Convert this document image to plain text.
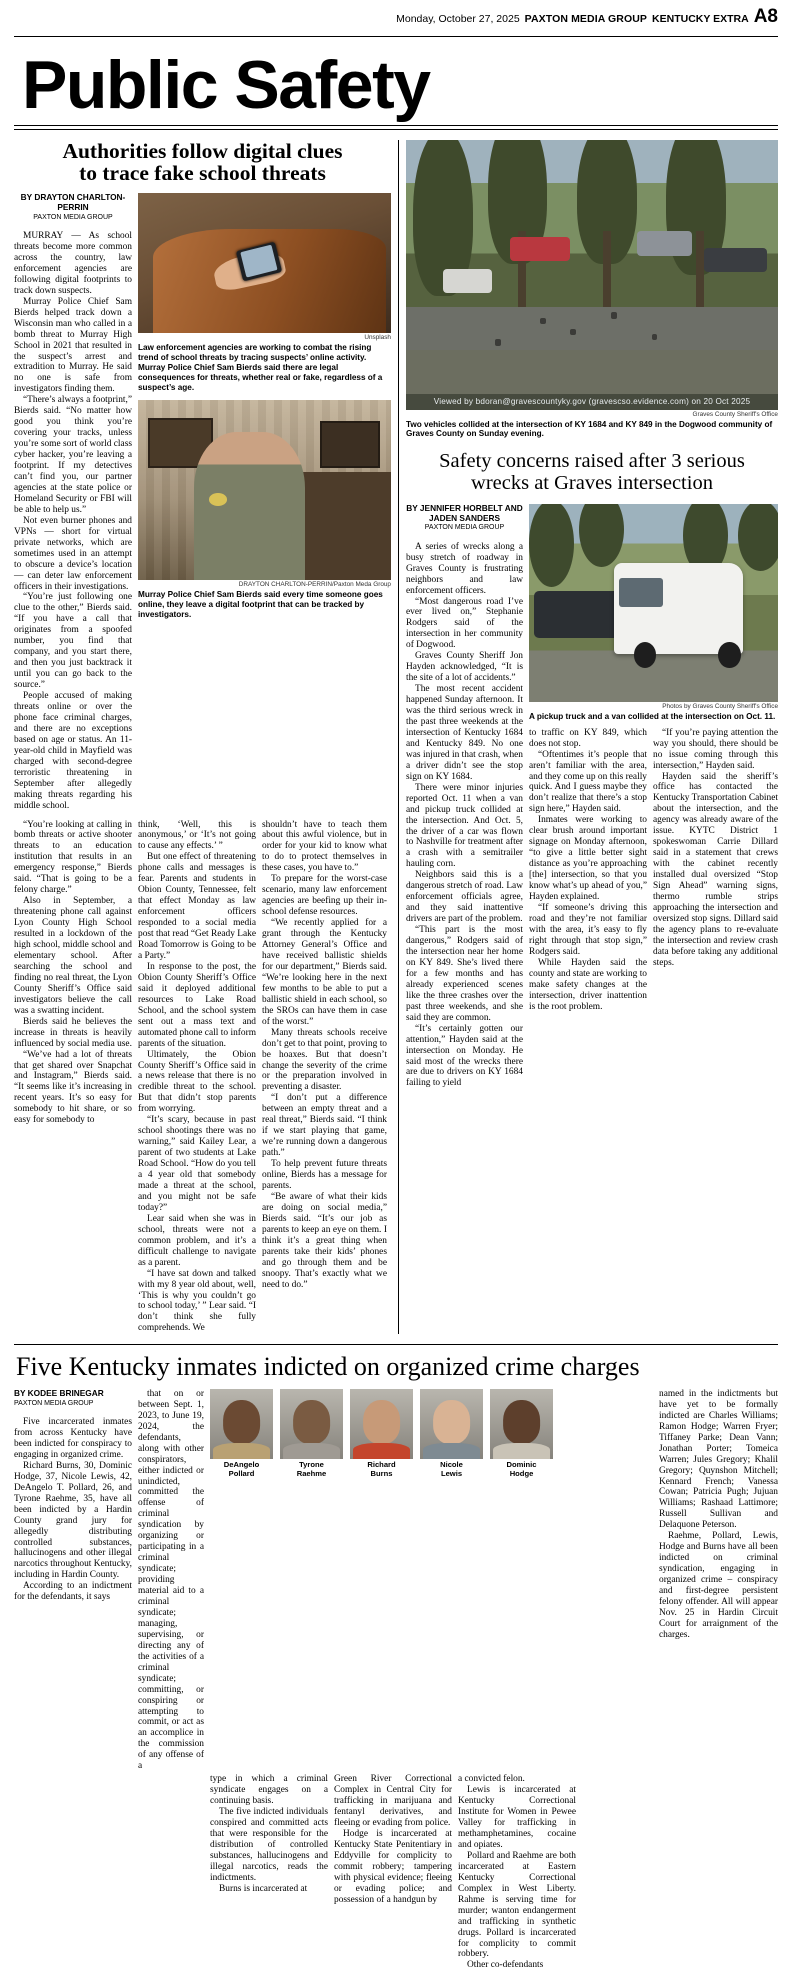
Monday, October 27, 2025 PAXTON MEDIA GROUP KENTUCKY EXTRA A8
Public Safety
Authorities follow digital clues
to trace fake school threats
BY DRAYTON CHARLTON-PERRIN
PAXTON MEDIA GROUP

MURRAY — As school threats become more common across the country, law enforcement agencies are following digital footprints to track down suspects.

Murray Police Chief Sam Bierds helped track down a Wisconsin man who called in a bomb threat to Murray High School in 2021 that resulted in the suspect’s arrest and extradition to Murray. He said no one is safe from investigators finding them.

“There’s always a footprint,” Bierds said. “No matter how good you think you’re covering your tracks, unless you’re some sort of world class cyber hacker, you’re leaving a footprint. If my detectives can’t find you, our partner agencies at the state police or Homeland Security or FBI will be able to help us.”

Not even burner phones and VPNs — short for virtual private networks, which are sometimes used in an attempt to obscure a device’s location — can deter law enforcement officers in their investigations.

“You’re just following one clue to the other,” Bierds said. “If you have a call that originates from a spoofed number, you find that company, and you start there, and then you just backtrack it until you can go back to the source.”

People accused of making threats online or over the phone face criminal charges, and there are no exceptions based on age or status. An 11-year-old child in Mayfield was charged with second-degree terroristic threatening in September after allegedly making threats regarding his middle school.

Unsplash
Law enforcement agencies are working to combat the rising trend of school threats by tracing suspects’ online activity. Murray Police Chief Sam Bierds said there are legal consequences for threats, whether real or fake, regardless of a suspect’s age.
DRAYTON CHARLTON-PERRIN/Paxton Meda Group
Murray Police Chief Sam Bierds said every time someone goes online, they leave a digital footprint that can be tracked by investigators.

“You’re looking at calling in bomb threats or active shooter threats to an education institution that results in an emergency response,” Bierds said. “That is going to be a felony charge.”

Also in September, a threatening phone call against Lyon County High School resulted in a lockdown of the high school, middle school and elementary school. After searching the school and finding no real threat, the Lyon County Sheriff’s Office said investigators believe the call was a swatting incident.

Bierds said he believes the increase in threats is heavily influenced by social media use.

“We’ve had a lot of threats that get shared over Snapchat and Instagram,” Bierds said. “It seems like it’s increasing in recent years. It’s so easy for somebody to hit share, or so easy for somebody to

think, ‘Well, this is anonymous,’ or ‘It’s not going to cause any effects.’ ”

But one effect of threatening phone calls and messages is fear. Parents and students in Obion County, Tennessee, felt that effect Monday as law enforcement officers responded to a social media post that read “Get Ready Lake Road Tomorrow is Going to be a Party.”

In response to the post, the Obion County Sheriff’s Office said it deployed additional resources to Lake Road School, and the school system sent out a mass text and automated phone call to inform parents of the situation.

Ultimately, the Obion County Sheriff’s Office said in a news release that there is no credible threat to the school. But that didn’t stop parents from worrying.

“It’s scary, because in past school shootings there was no warning,” said Kailey Lear, a parent of two students at Lake Road School. “How do you tell a 4 year old that somebody made a threat at the school, and you might not be safe today?”

Lear said when she was in school, threats were not a common problem, and it’s a difficult challenge to navigate as a parent.

“I have sat down and talked with my 8 year old about, well, ‘This is why you couldn’t go to school today,’ ” Lear said. “I don’t think she fully comprehends. We

shouldn’t have to teach them about this awful violence, but in order for your kid to know what to do to protect themselves in these cases, you have to.”

To prepare for the worst-case scenario, many law enforcement agencies are beefing up their in-school defense resources.

“We recently applied for a grant through the Kentucky Attorney General’s Office and have received ballistic shields for our department,” Bierds said. “We’re looking here in the next few months to be able to put a ballistic shield in each school, so the SROs can have them in case of the worst.”

Many threats schools receive don’t get to that point, proving to be hoaxes. But that doesn’t change the severity of the crime or the preparation involved in preventing a disaster.

“I don’t put a difference between an empty threat and a real threat,” Bierds said. “I think if we start playing that game, we’re running down a dangerous path.”

To help prevent future threats online, Bierds has a message for parents.

“Be aware of what their kids are doing on social media,” Bierds said. “It’s our job as parents to keep an eye on them. I think it’s a great thing when parents take their kids’ phones and go through them and be snoopy. That’s exactly what we need to do.”

Viewed by bdoran@gravescountyky.gov (gravescso.evidence.com) on 20 Oct 2025
Graves County Sheriff's Office
Two vehicles collided at the intersection of KY 1684 and KY 849 in the Dogwood community of Graves County on Sunday evening.
Safety concerns raised after 3 serious
wrecks at Graves intersection
BY JENNIFER HORBELT AND
JADEN SANDERS
PAXTON MEDIA GROUP

A series of wrecks along a busy stretch of roadway in Graves County is frustrating neighbors and law enforcement officers.

“Most dangerous road I’ve ever lived on,” Stephanie Rodgers said of the intersection in her community of Dogwood.

Graves County Sheriff Jon Hayden acknowledged, “It is the site of a lot of accidents.”

The most recent accident happened Sunday afternoon. It was the third serious wreck in the past three weekends at the intersection of Kentucky 1684 and Kentucky 849. No one was injured in that crash, when a driver didn’t see the stop sign on KY 1684.

There were minor injuries reported Oct. 11 when a van and pickup truck collided at the intersection. And Oct. 5, the driver of a car was flown to Nashville for treatment after a crash with a semitrailer hauling corn.

Neighbors said this is a dangerous stretch of road. Law enforcement officials agree, and they said inattentive drivers are part of the problem.

“This part is the most dangerous,” Rodgers said of the intersection near her home on KY 849. She’s lived there for a few months and has already experienced scenes like the three crashes over the past three weekends, and she said they are common.

“It’s certainly gotten our attention,” Hayden said at the intersection on Monday. He said most of the wrecks there are due to drivers on KY 1684 failing to yield

Photos by Graves County Sheriff's Office
A pickup truck and a van collided at the intersection on Oct. 11.

to traffic on KY 849, which does not stop.

“Oftentimes it’s people that aren’t familiar with the area, and they come up on this really quick. And I guess maybe they don’t realize that there’s a stop sign here,” Hayden said.

Inmates were working to clear brush around important signage on Monday afternoon, “to give a little better sight distance as you’re approaching [the] intersection, so that you know what’s up ahead of you,” Hayden explained.

“If someone’s driving this road and they’re not familiar with the area, it’s easy to fly right through that stop sign,” Rodgers said.

While Hayden said the county and state are working to make safety changes at the intersection, driver inattention is the root problem.

“If you’re paying attention the way you should, there should be no issue coming through this intersection,” Hayden said.

Hayden said the sheriff’s office has contacted the Kentucky Transportation Cabinet about the intersection, and the agency was already aware of the issue. KYTC District 1 spokeswoman Carrie Dillard said in a statement that crews with the cabinet recently installed dual oversized “Stop Sign Ahead” warning signs, thermo rumble strips approaching the intersection and oversized stop signs. Dillard said the agency plans to re-evaluate the intersection and review crash data before taking any additional steps.

Five Kentucky inmates indicted on organized crime charges
BY KODEE BRINEGAR
PAXTON MEDIA GROUP

Five incarcerated inmates from across Kentucky have been indicted for conspiracy to engaging in organized crime.

Richard Burns, 30, Dominic Hodge, 37, Nicole Lewis, 42, DeAngelo T. Pollard, 26, and Tyrone Raehme, 35, have all been indicted by a Hardin County grand jury for allegedly distributing controlled substances, hallucinogens and other illegal narcotics throughout Kentucky, including in Hardin County.

According to an indictment for the defendants, it says

that on or between Sept. 1, 2023, to June 19, 2024, the defendants, along with other conspirators, either indicted or unindicted, committed the offense of criminal syndication by organizing or participating in a criminal syndicate; providing material aid to a criminal syndicate; managing, supervising, or directing any of the activities of a criminal syndicate; committing, or conspiring or attempting to commit, or act as an accomplice in the commission of any offense of a

DeAngelo
Pollard
Tyrone
Raehme
Richard
Burns
Nicole
Lewis
Dominic
Hodge

named in the indictments but have yet to be formally indicted are Charles Williams; Ramon Hodge; Warren Fryer; Tiffaney Parke; Dean Vann; Jonathan Porter; Tomeica Warren; Jules Gregory; Khalil Gregory; Quynshon Mitchell; Kennard French; Vanessa Cowan; Patricia Pugh; Jujuan Williams; Rashaad Lattimore; Russell Sullivan and Delaquone Peterson.

Raehme, Pollard, Lewis, Hodge and Burns have all been indicted on criminal syndication, engaging in organized crime – conspiracy and first-degree persistent felony offender. All will appear Nov. 25 in Hardin Circuit Court for arraignment of the charges.

type in which a criminal syndicate engages on a continuing basis.

The five indicted individuals conspired and committed acts that were responsible for the distribution of controlled substances, hallucinogens and illegal narcotics, reads the indictments.

Burns is incarcerated at

Green River Correctional Complex in Central City for trafficking in marijuana and fentanyl derivatives, and fleeing or evading from police.

Hodge is incarcerated at Kentucky State Penitentiary in Eddyville for complicity to commit robbery; tampering with physical evidence; fleeing or evading police; and possession of a handgun by

a convicted felon.

Lewis is incarcerated at Kentucky Correctional Institute for Women in Pewee Valley for trafficking in methamphetamines, cocaine and opiates.

Pollard and Raehme are both incarcerated at Eastern Kentucky Correctional Complex in West Liberty. Rahme is serving time for murder; wanton endangerment and trafficking in synthetic drugs. Pollard is incarcerated for complicity to commit robbery.

Other co-defendants
